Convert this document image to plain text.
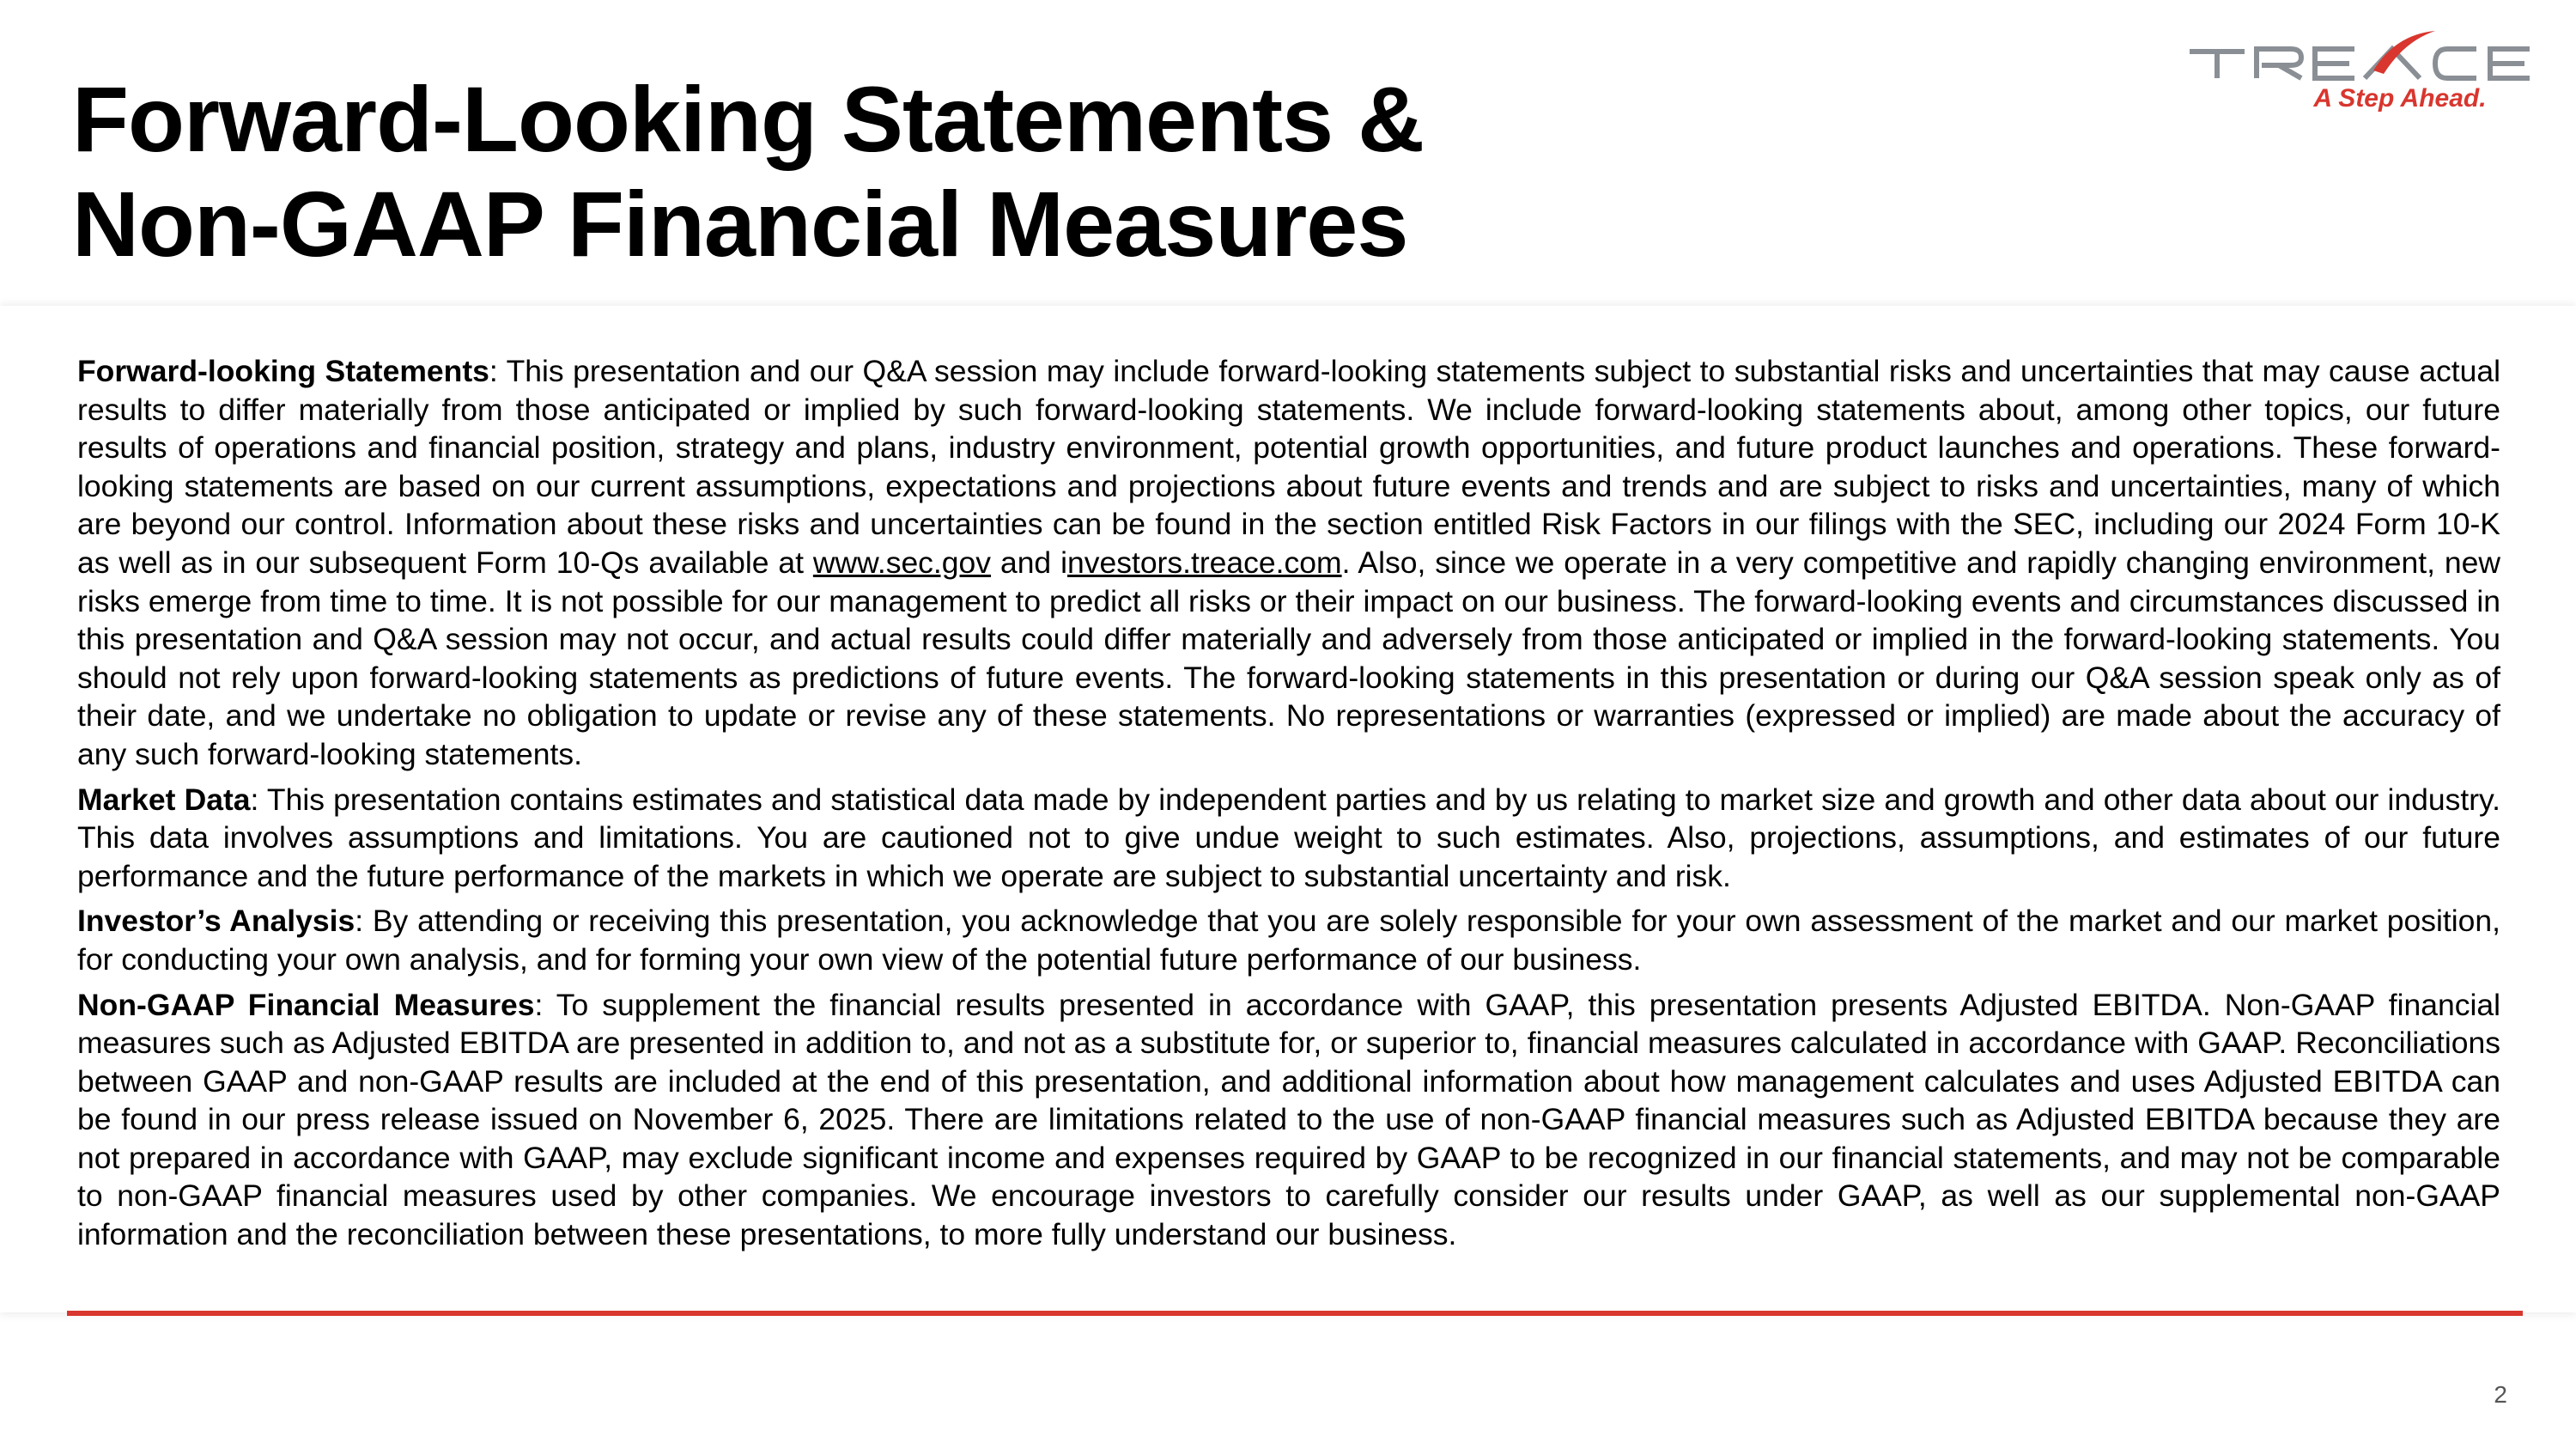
Forward-Looking Statements &
Non-GAAP Financial Measures
A Step Ahead.

Forward-looking Statements: This presentation and our Q&A session may include forward-looking statements subject to substantial risks and uncertainties that may cause actual results to differ materially from those anticipated or implied by such forward-looking statements. We include forward-looking statements about, among other topics, our future results of operations and financial position, strategy and plans, industry environment, potential growth opportunities, and future product launches and operations. These forward-looking statements are based on our current assumptions, expectations and projections about future events and trends and are subject to risks and uncertainties, many of which are beyond our control. Information about these risks and uncertainties can be found in the section entitled Risk Factors in our filings with the SEC, including our 2024 Form 10-K as well as in our subsequent Form 10-Qs available at www.sec.gov and investors.treace.com. Also, since we operate in a very competitive and rapidly changing environment, new risks emerge from time to time. It is not possible for our management to predict all risks or their impact on our business. The forward-looking events and circumstances discussed in this presentation and Q&A session may not occur, and actual results could differ materially and adversely from those anticipated or implied in the forward-looking statements. You should not rely upon forward-looking statements as predictions of future events. The forward-looking statements in this presentation or during our Q&A session speak only as of their date, and we undertake no obligation to update or revise any of these statements. No representations or warranties (expressed or implied) are made about the accuracy of any such forward-looking statements.

Market Data: This presentation contains estimates and statistical data made by independent parties and by us relating to market size and growth and other data about our industry. This data involves assumptions and limitations. You are cautioned not to give undue weight to such estimates. Also, projections, assumptions, and estimates of our future performance and the future performance of the markets in which we operate are subject to substantial uncertainty and risk.

Investor’s Analysis: By attending or receiving this presentation, you acknowledge that you are solely responsible for your own assessment of the market and our market position, for conducting your own analysis, and for forming your own view of the potential future performance of our business.

Non-GAAP Financial Measures: To supplement the financial results presented in accordance with GAAP, this presentation presents Adjusted EBITDA. Non-GAAP financial measures such as Adjusted EBITDA are presented in addition to, and not as a substitute for, or superior to, financial measures calculated in accordance with GAAP. Reconciliations between GAAP and non-GAAP results are included at the end of this presentation, and additional information about how management calculates and uses Adjusted EBITDA can be found in our press release issued on November 6, 2025. There are limitations related to the use of non-GAAP financial measures such as Adjusted EBITDA because they are not prepared in accordance with GAAP, may exclude significant income and expenses required by GAAP to be recognized in our financial statements, and may not be comparable to non-GAAP financial measures used by other companies. We encourage investors to carefully consider our results under GAAP, as well as our supplemental non-GAAP information and the reconciliation between these presentations, to more fully understand our business.

2
